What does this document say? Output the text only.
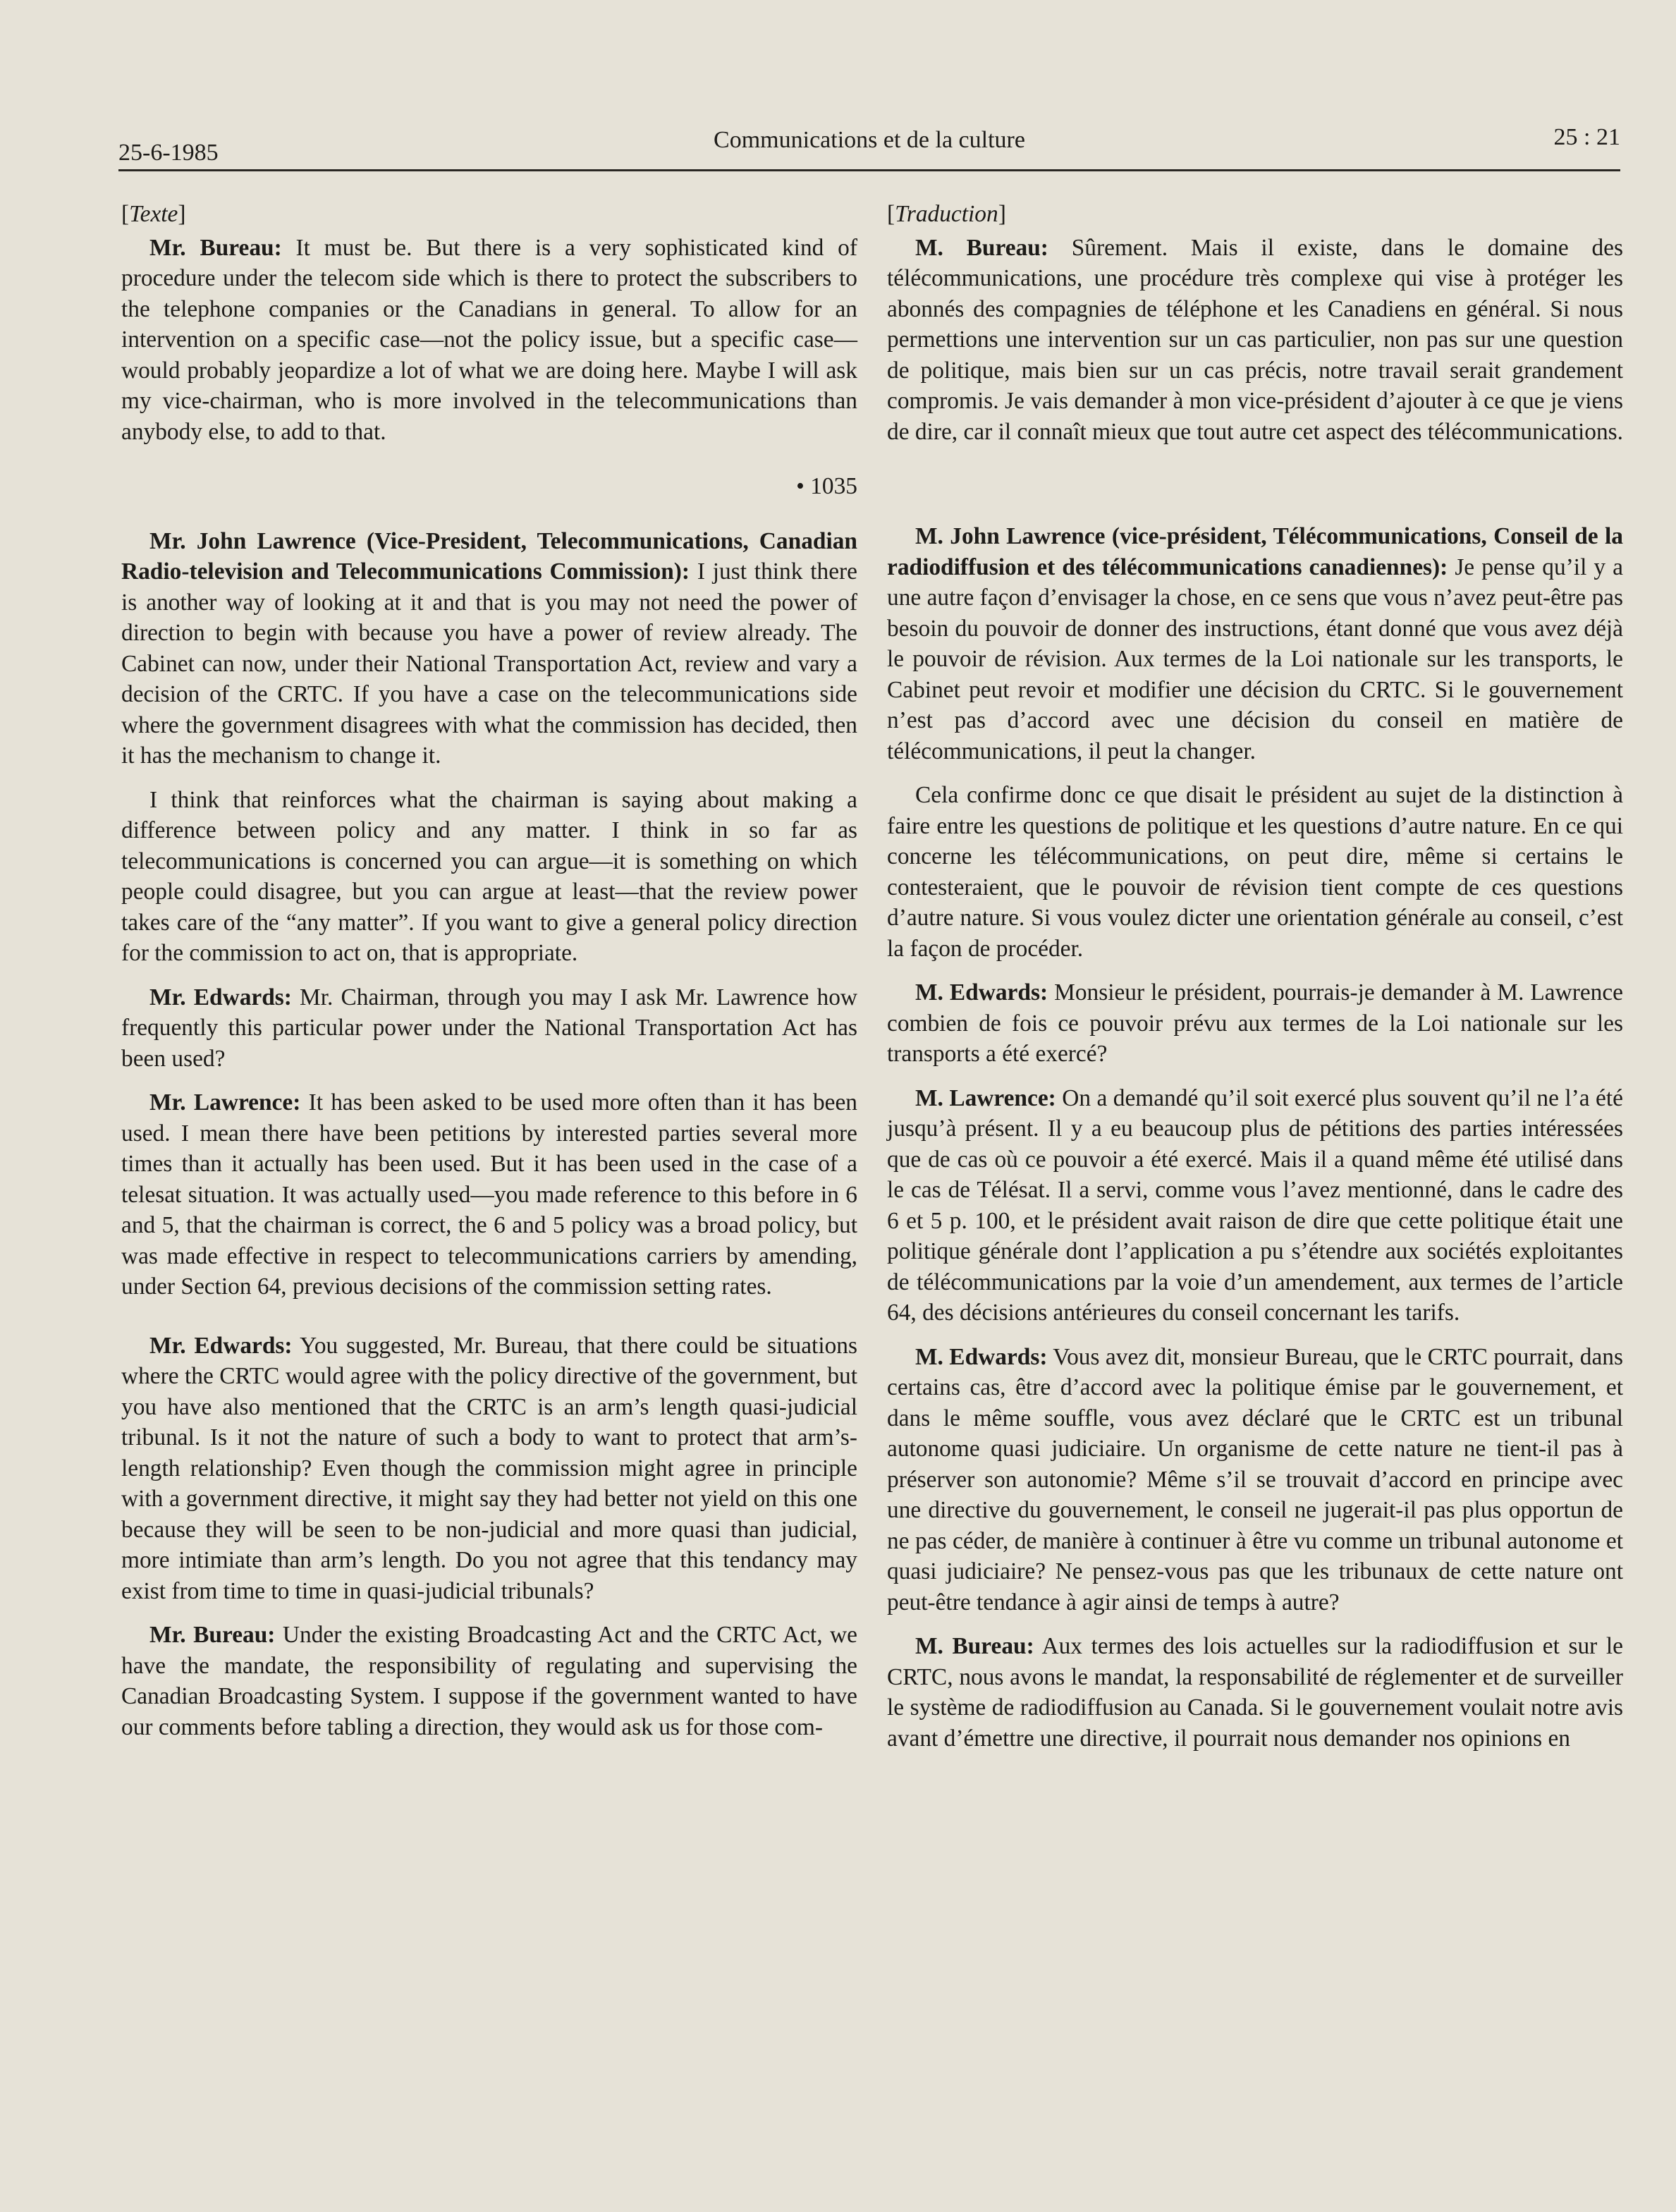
25-6-1985	Communications et de la culture	25 : 21

[Texte]

Mr. Bureau: It must be. But there is a very sophisticated kind of procedure under the telecom side which is there to protect the subscribers to the telephone companies or the Canadians in general. To allow for an intervention on a specific case—not the policy issue, but a specific case—would probably jeopardize a lot of what we are doing here. Maybe I will ask my vice-chairman, who is more involved in the telecommunications than anybody else, to add to that.

• 1035

Mr. John Lawrence (Vice-President, Telecommunications, Canadian Radio-television and Telecommunications Commission): I just think there is another way of looking at it and that is you may not need the power of direction to begin with because you have a power of review already. The Cabinet can now, under their National Transportation Act, review and vary a decision of the CRTC. If you have a case on the telecommunications side where the government disagrees with what the commission has decided, then it has the mechanism to change it.

I think that reinforces what the chairman is saying about making a difference between policy and any matter. I think in so far as telecommunications is concerned you can argue—it is something on which people could disagree, but you can argue at least—that the review power takes care of the “any matter”. If you want to give a general policy direction for the commission to act on, that is appropriate.

Mr. Edwards: Mr. Chairman, through you may I ask Mr. Lawrence how frequently this particular power under the National Transportation Act has been used?

Mr. Lawrence: It has been asked to be used more often than it has been used. I mean there have been petitions by interested parties several more times than it actually has been used. But it has been used in the case of a telesat situation. It was actually used—you made reference to this before in 6 and 5, that the chairman is correct, the 6 and 5 policy was a broad policy, but was made effective in respect to telecommunications carriers by amending, under Section 64, previous decisions of the commission setting rates.

Mr. Edwards: You suggested, Mr. Bureau, that there could be situations where the CRTC would agree with the policy directive of the government, but you have also mentioned that the CRTC is an arm’s length quasi-judicial tribunal. Is it not the nature of such a body to want to protect that arm’s-length relationship? Even though the commission might agree in principle with a government directive, it might say they had better not yield on this one because they will be seen to be non-judicial and more quasi than judicial, more intimiate than arm’s length. Do you not agree that this tendancy may exist from time to time in quasi-judicial tribunals?

Mr. Bureau: Under the existing Broadcasting Act and the CRTC Act, we have the mandate, the responsibility of regulating and supervising the Canadian Broadcasting System. I suppose if the government wanted to have our comments before tabling a direction, they would ask us for those com-

[Traduction]

M. Bureau: Sûrement. Mais il existe, dans le domaine des télécommunications, une procédure très complexe qui vise à protéger les abonnés des compagnies de téléphone et les Canadiens en général. Si nous permettions une intervention sur un cas particulier, non pas sur une question de politique, mais bien sur un cas précis, notre travail serait grandement compromis. Je vais demander à mon vice-président d’ajouter à ce que je viens de dire, car il connaît mieux que tout autre cet aspect des télécommunications.

M. John Lawrence (vice-président, Télécommunications, Conseil de la radiodiffusion et des télécommunications canadiennes): Je pense qu’il y a une autre façon d’envisager la chose, en ce sens que vous n’avez peut-être pas besoin du pouvoir de donner des instructions, étant donné que vous avez déjà le pouvoir de révision. Aux termes de la Loi nationale sur les transports, le Cabinet peut revoir et modifier une décision du CRTC. Si le gouvernement n’est pas d’accord avec une décision du conseil en matière de télécommunications, il peut la changer.

Cela confirme donc ce que disait le président au sujet de la distinction à faire entre les questions de politique et les questions d’autre nature. En ce qui concerne les télécommunications, on peut dire, même si certains le contesteraient, que le pouvoir de révision tient compte de ces questions d’autre nature. Si vous voulez dicter une orientation générale au conseil, c’est la façon de procéder.

M. Edwards: Monsieur le président, pourrais-je demander à M. Lawrence combien de fois ce pouvoir prévu aux termes de la Loi nationale sur les transports a été exercé?

M. Lawrence: On a demandé qu’il soit exercé plus souvent qu’il ne l’a été jusqu’à présent. Il y a eu beaucoup plus de pétitions des parties intéressées que de cas où ce pouvoir a été exercé. Mais il a quand même été utilisé dans le cas de Télésat. Il a servi, comme vous l’avez mentionné, dans le cadre des 6 et 5 p. 100, et le président avait raison de dire que cette politique était une politique générale dont l’application a pu s’étendre aux sociétés exploitantes de télécommunications par la voie d’un amendement, aux termes de l’article 64, des décisions antérieures du conseil concernant les tarifs.

M. Edwards: Vous avez dit, monsieur Bureau, que le CRTC pourrait, dans certains cas, être d’accord avec la politique émise par le gouvernement, et dans le même souffle, vous avez déclaré que le CRTC est un tribunal autonome quasi judiciaire. Un organisme de cette nature ne tient-il pas à préserver son autonomie? Même s’il se trouvait d’accord en principe avec une directive du gouvernement, le conseil ne jugerait-il pas plus opportun de ne pas céder, de manière à continuer à être vu comme un tribunal autonome et quasi judiciaire? Ne pensez-vous pas que les tribunaux de cette nature ont peut-être tendance à agir ainsi de temps à autre?

M. Bureau: Aux termes des lois actuelles sur la radiodiffusion et sur le CRTC, nous avons le mandat, la responsabilité de réglementer et de surveiller le système de radiodiffusion au Canada. Si le gouvernement voulait notre avis avant d’émettre une directive, il pourrait nous demander nos opinions en
